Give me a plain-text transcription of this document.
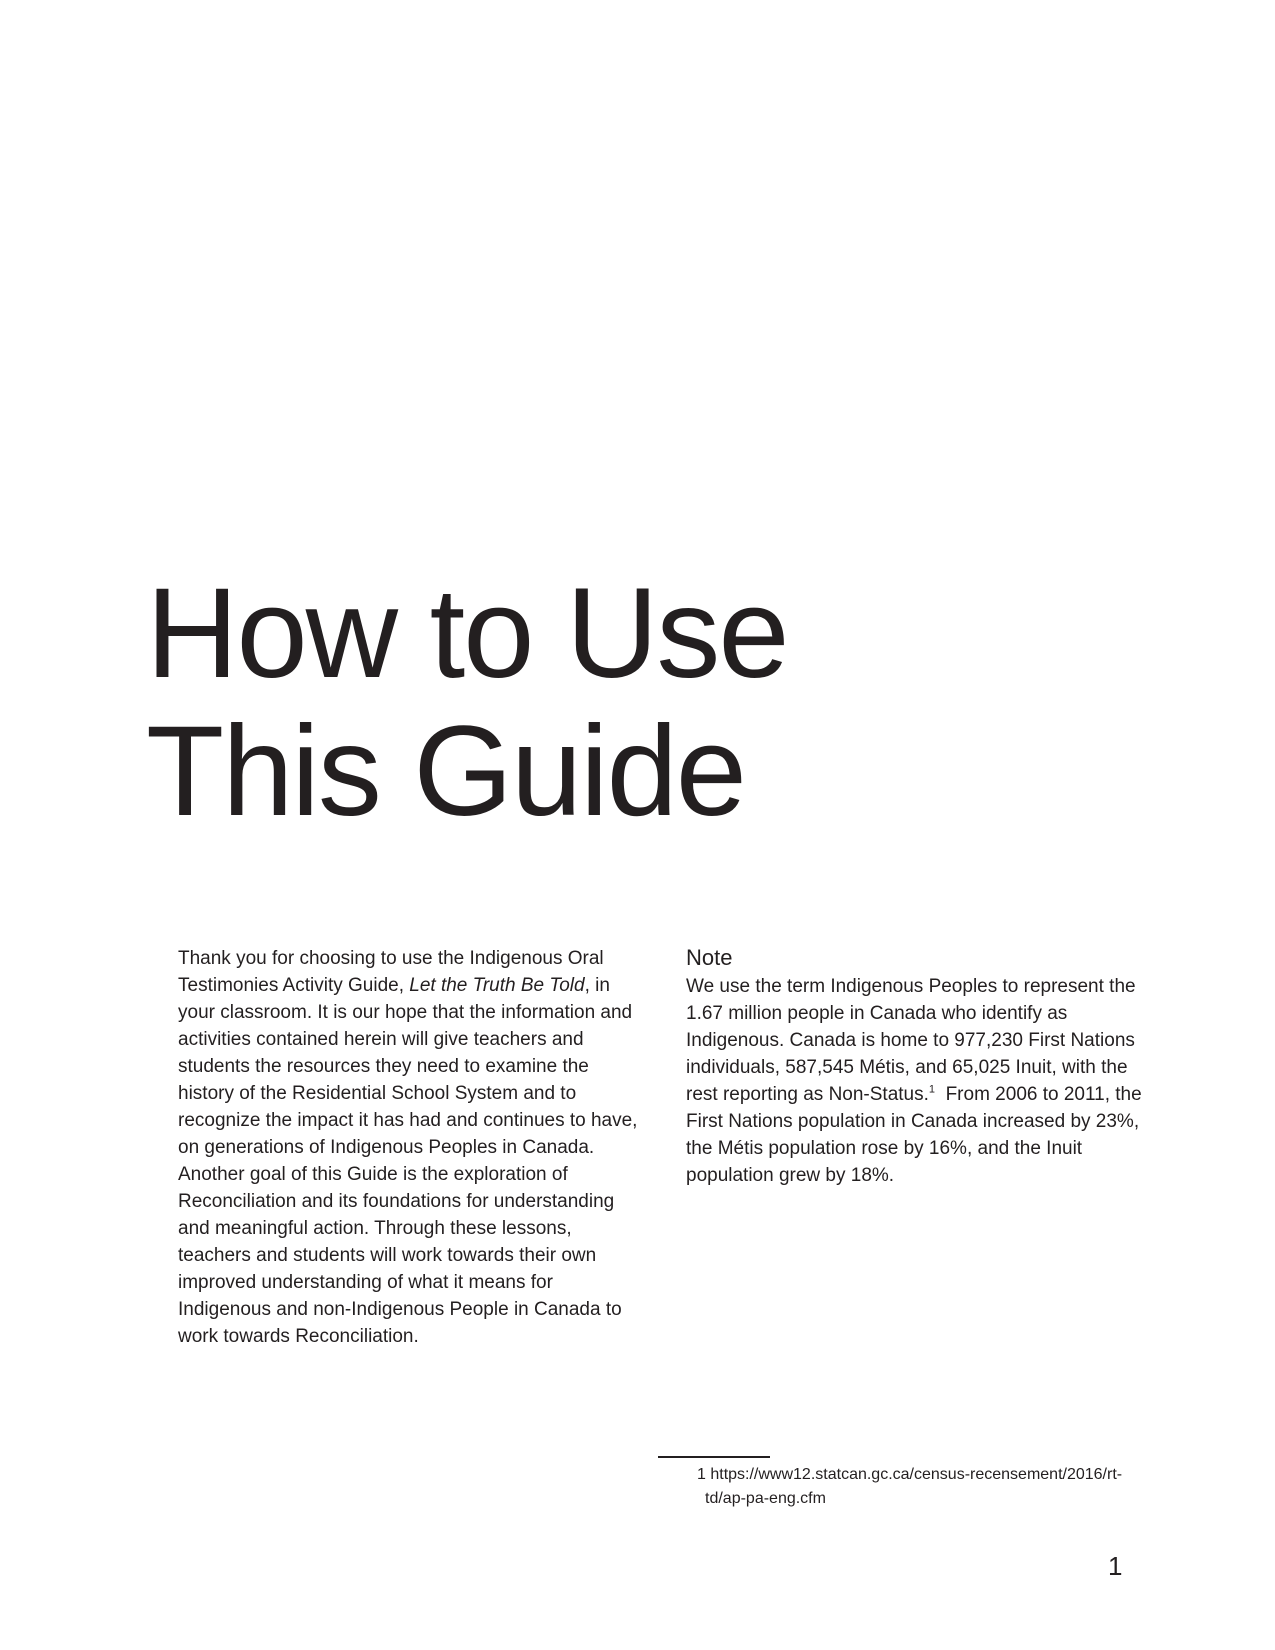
How to Use
This Guide

Thank you for choosing to use the Indigenous Oral Testimonies Activity Guide, Let the Truth Be Told, in your classroom. It is our hope that the information and activities contained herein will give teachers and students the resources they need to examine the history of the Residential School System and to recognize the impact it has had and continues to have, on generations of Indigenous Peoples in Canada. Another goal of this Guide is the exploration of Reconciliation and its foundations for understanding and meaningful action. Through these lessons, teachers and students will work towards their own improved understanding of what it means for Indigenous and non-Indigenous People in Canada to work towards Reconciliation.

Note

We use the term Indigenous Peoples to represent the 1.67 million people in Canada who identify as Indigenous. Canada is home to 977,230 First Nations individuals, 587,545 Métis, and 65,025 Inuit, with the rest reporting as Non-Status.$^1$  From 2006 to 2011, the First Nations population in Canada increased by 23%, the Métis population rose by 16%, and the Inuit population grew by 18%.

1 https://www12.statcan.gc.ca/census-recensement/2016/rt-td/ap-pa-eng.cfm

1
